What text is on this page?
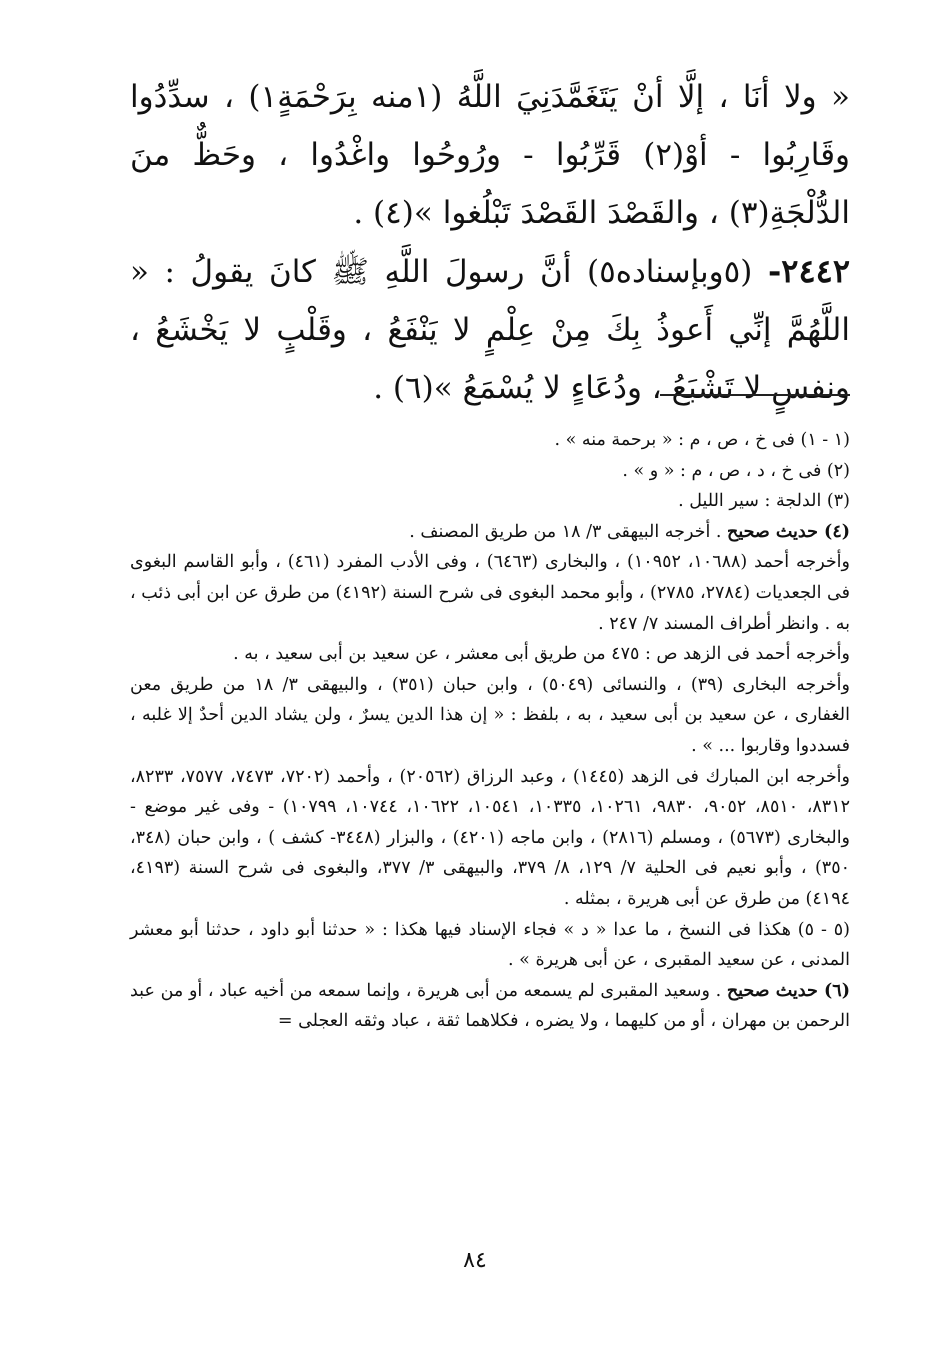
« ولا أنَا ، إلَّا أنْ يَتَغَمَّدَنِيَ اللَّهُ (١منه بِرَحْمَةٍ١) ، سدِّدُوا وقَارِبُوا - أوْ(٢) قَرِّبُوا - ورُوحُوا واغْدُوا ، وحَظٌّ منَ الدُّلْجَةِ(٣) ، والقَصْدَ القَصْدَ تَبْلُغوا »(٤) .

٢٤٤٢- (٥وبإسناده٥) أنَّ رسولَ اللَّهِ ﷺ كانَ يقولُ : « اللَّهُمَّ إنِّي أَعوذُ بِكَ مِنْ عِلْمٍ لا يَنْفَعُ ، وقَلْبٍ لا يَخْشَعُ ، ونفسٍ لا تَشْبَعُ ، ودُعَاءٍ لا يُسْمَعُ »(٦) .

(١ - ١) فى خ ، ص ، م : « برحمة منه » .

(٢) فى خ ، د ، ص ، م : « و » .

(٣) الدلجة : سير الليل .

(٤) حديث صحيح . أخرجه البيهقى ٣/ ١٨ من طريق المصنف .

وأخرجه أحمد (١٠٦٨٨، ١٠٩٥٢) ، والبخارى (٦٤٦٣) ، وفى الأدب المفرد (٤٦١) ، وأبو القاسم البغوى فى الجعديات (٢٧٨٤، ٢٧٨٥) ، وأبو محمد البغوى فى شرح السنة (٤١٩٢) من طرق عن ابن أبى ذئب ، به . وانظر أطراف المسند ٧/ ٢٤٧ .

وأخرجه أحمد فى الزهد ص : ٤٧٥ من طريق أبى معشر ، عن سعيد بن أبى سعيد ، به .

وأخرجه البخارى (٣٩) ، والنسائى (٥٠٤٩) ، وابن حبان (٣٥١) ، والبيهقى ٣/ ١٨ من طريق معن الغفارى ، عن سعيد بن أبى سعيد ، به ، بلفظ : « إن هذا الدين يسرٌ ، ولن يشاد الدين أحدٌ إلا غلبه ، فسددوا وقاربوا ... » .

وأخرجه ابن المبارك فى الزهد (١٤٤٥) ، وعبد الرزاق (٢٠٥٦٢) ، وأحمد (٧٢٠٢، ٧٤٧٣، ٧٥٧٧، ٨٢٣٣، ٨٣١٢، ٨٥١٠، ٩٠٥٢، ٩٨٣٠، ١٠٢٦١، ١٠٣٣٥، ١٠٥٤١، ١٠٦٢٢، ١٠٧٤٤، ١٠٧٩٩) - وفى غير موضع - والبخارى (٥٦٧٣) ، ومسلم (٢٨١٦) ، وابن ماجه (٤٢٠١) ، والبزار (٣٤٤٨- كشف ) ، وابن حبان (٣٤٨، ٣٥٠) ، وأبو نعيم فى الحلية ٧/ ١٢٩، ٨/ ٣٧٩، والبيهقى ٣/ ٣٧٧، والبغوى فى شرح السنة (٤١٩٣، ٤١٩٤) من طرق عن أبى هريرة ، بمثله .

(٥ - ٥) هكذا فى النسخ ، ما عدا « د » فجاء الإسناد فيها هكذا : « حدثنا أبو داود ، حدثنا أبو معشر المدنى ، عن سعيد المقبرى ، عن أبى هريرة » .

(٦) حديث صحيح . وسعيد المقبرى لم يسمعه من أبى هريرة ، وإنما سمعه من أخيه عباد ، أو من عبد الرحمن بن مهران ، أو من كليهما ، ولا يضره ، فكلاهما ثقة ، عباد وثقه العجلى =

٨٤
